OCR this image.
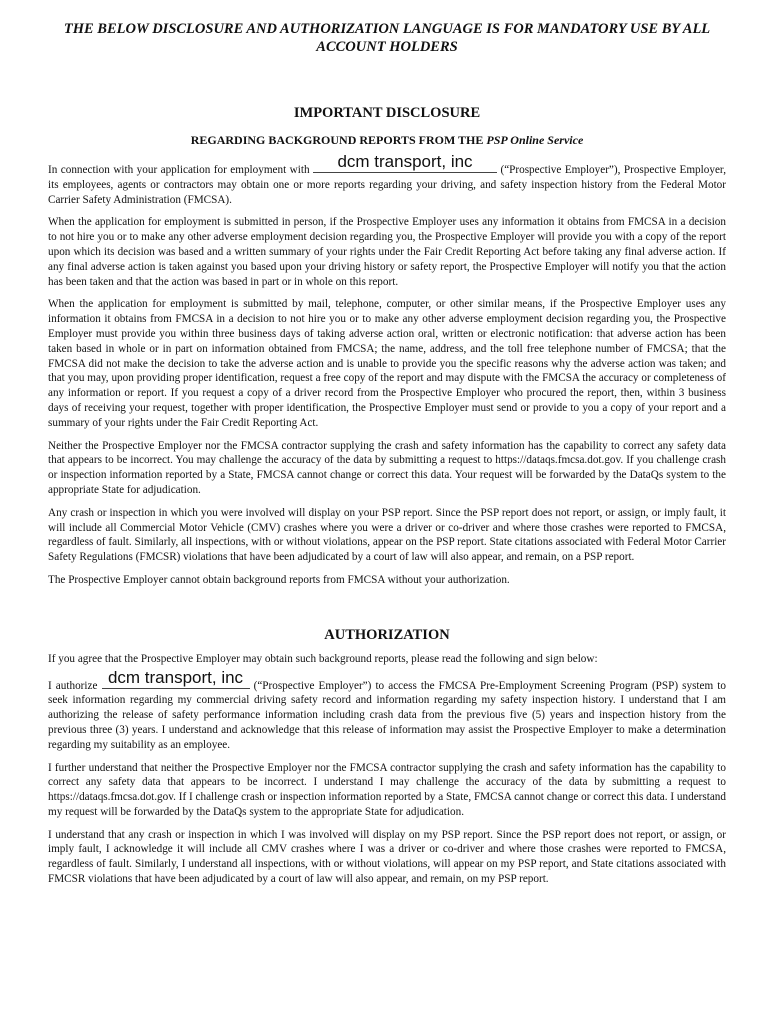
THE BELOW DISCLOSURE AND AUTHORIZATION LANGUAGE IS FOR MANDATORY USE BY ALL ACCOUNT HOLDERS
IMPORTANT DISCLOSURE
REGARDING BACKGROUND REPORTS FROM THE PSP Online Service

In connection with your application for employment with	dcm transport, inc	(“Prospective Employer”), Prospective Employer, its employees, agents or contractors may obtain one or more reports regarding your driving, and safety inspection history from the Federal Motor Carrier Safety Administration (FMCSA).

When the application for employment is submitted in person, if the Prospective Employer uses any information it obtains from FMCSA in a decision to not hire you or to make any other adverse employment decision regarding you, the Prospective Employer will provide you with a copy of the report upon which its decision was based and a written summary of your rights under the Fair Credit Reporting Act before taking any final adverse action. If any final adverse action is taken against you based upon your driving history or safety report, the Prospective Employer will notify you that the action has been taken and that the action was based in part or in whole on this report.

When the application for employment is submitted by mail, telephone, computer, or other similar means, if the Prospective Employer uses any information it obtains from FMCSA in a decision to not hire you or to make any other adverse employment decision regarding you, the Prospective Employer must provide you within three business days of taking adverse action oral, written or electronic notification: that adverse action has been taken based in whole or in part on information obtained from FMCSA; the name, address, and the toll free telephone number of FMCSA; that the FMCSA did not make the decision to take the adverse action and is unable to provide you the specific reasons why the adverse action was taken; and that you may, upon providing proper identification, request a free copy of the report and may dispute with the FMCSA the accuracy or completeness of any information or report. If you request a copy of a driver record from the Prospective Employer who procured the report, then, within 3 business days of receiving your request, together with proper identification, the Prospective Employer must send or provide to you a copy of your report and a summary of your rights under the Fair Credit Reporting Act.

Neither the Prospective Employer nor the FMCSA contractor supplying the crash and safety information has the capability to correct any safety data that appears to be incorrect. You may challenge the accuracy of the data by submitting a request to https://dataqs.fmcsa.dot.gov. If you challenge crash or inspection information reported by a State, FMCSA cannot change or correct this data. Your request will be forwarded by the DataQs system to the appropriate State for adjudication.

Any crash or inspection in which you were involved will display on your PSP report. Since the PSP report does not report, or assign, or imply fault, it will include all Commercial Motor Vehicle (CMV) crashes where you were a driver or co-driver and where those crashes were reported to FMCSA, regardless of fault. Similarly, all inspections, with or without violations, appear on the PSP report. State citations associated with Federal Motor Carrier Safety Regulations (FMCSR) violations that have been adjudicated by a court of law will also appear, and remain, on a PSP report.

The Prospective Employer cannot obtain background reports from FMCSA without your authorization.

AUTHORIZATION

If you agree that the Prospective Employer may obtain such background reports, please read the following and sign below:

I authorize dcm transport, inc (“Prospective Employer”) to access the FMCSA Pre-Employment Screening Program (PSP) system to seek information regarding my commercial driving safety record and information regarding my safety inspection history. I understand that I am authorizing the release of safety performance information including crash data from the previous five (5) years and inspection history from the previous three (3) years. I understand and acknowledge that this release of information may assist the Prospective Employer to make a determination regarding my suitability as an employee.

I further understand that neither the Prospective Employer nor the FMCSA contractor supplying the crash and safety information has the capability to correct any safety data that appears to be incorrect. I understand I may challenge the accuracy of the data by submitting a request to https://dataqs.fmcsa.dot.gov. If I challenge crash or inspection information reported by a State, FMCSA cannot change or correct this data. I understand my request will be forwarded by the DataQs system to the appropriate State for adjudication.

I understand that any crash or inspection in which I was involved will display on my PSP report. Since the PSP report does not report, or assign, or imply fault, I acknowledge it will include all CMV crashes where I was a driver or co-driver and where those crashes were reported to FMCSA, regardless of fault. Similarly, I understand all inspections, with or without violations, will appear on my PSP report, and State citations associated with FMCSR violations that have been adjudicated by a court of law will also appear, and remain, on my PSP report.
